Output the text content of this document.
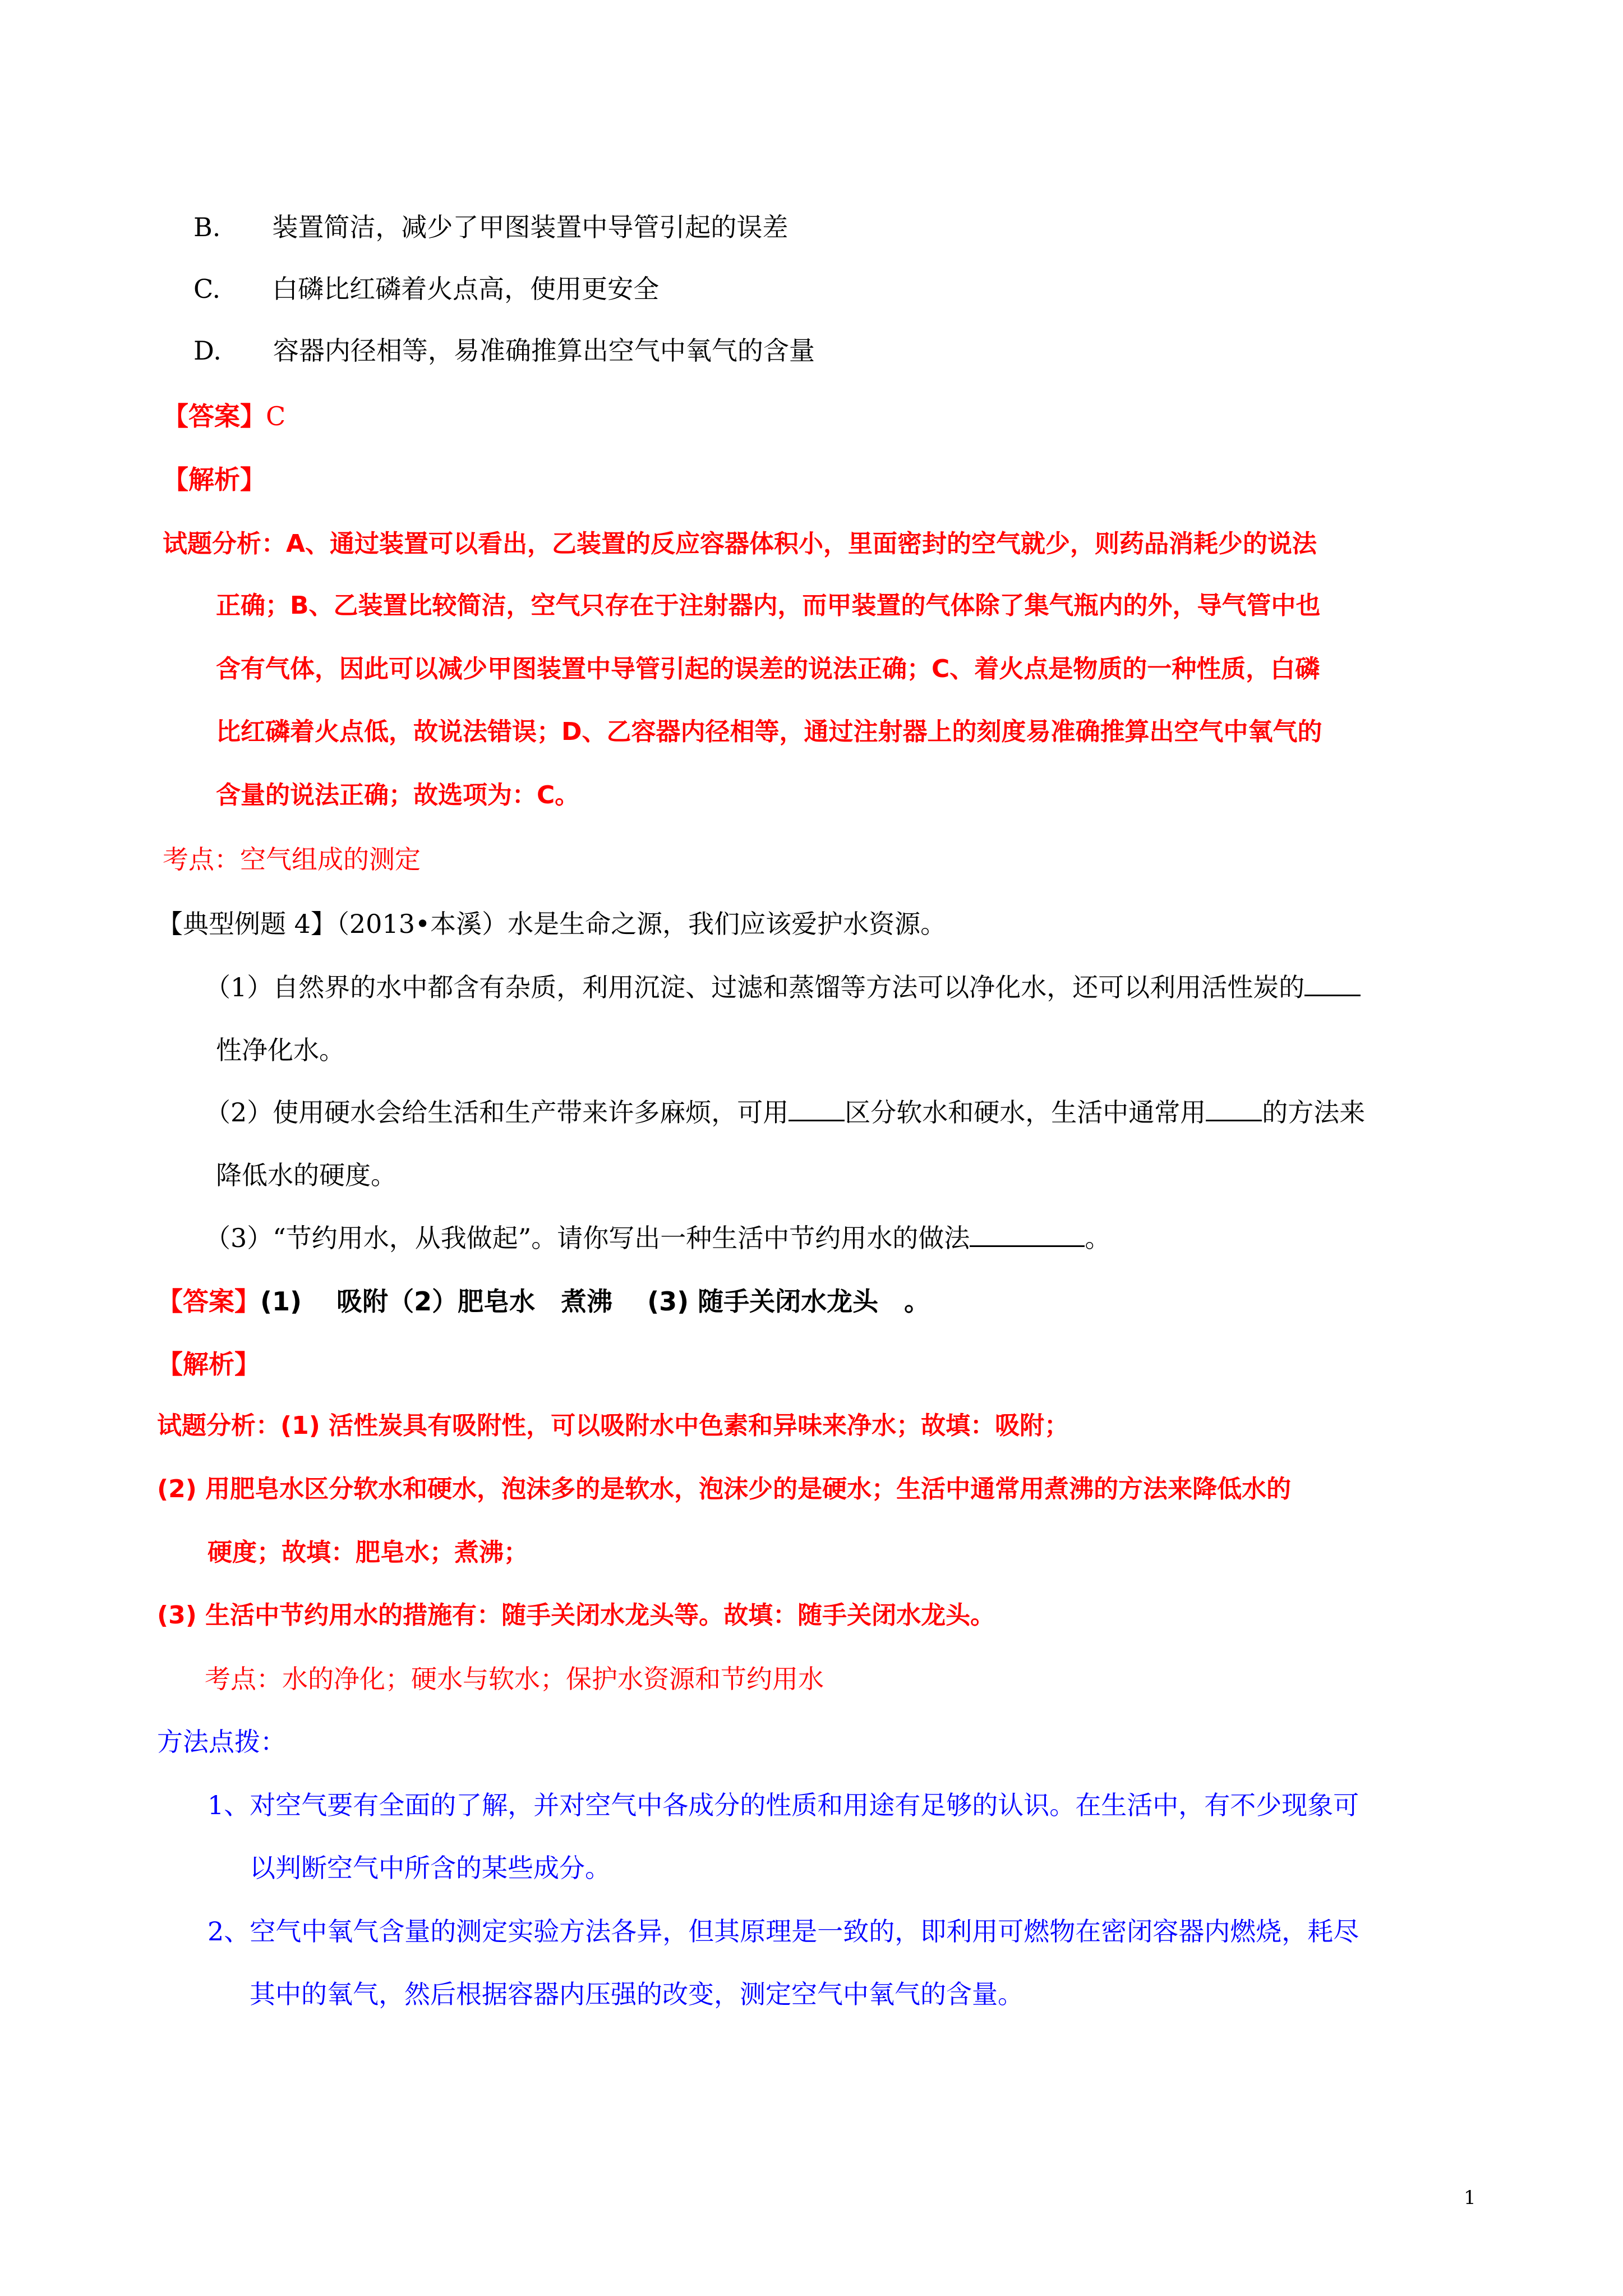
B.　　装置简洁，减少了甲图装置中导管引起的误差
C.　　白磷比红磷着火点高，使用更安全
D.　　容器内径相等，易准确推算出空气中氧气的含量
【答案】C
【解析】
试题分析：A、通过装置可以看出，乙装置的反应容器体积小，里面密封的空气就少，则药品消耗少的说法
正确；B、乙装置比较简洁，空气只存在于注射器内，而甲装置的气体除了集气瓶内的外，导气管中也
含有气体，因此可以减少甲图装置中导管引起的误差的说法正确；C、着火点是物质的一种性质，白磷
比红磷着火点低，故说法错误；D、乙容器内径相等，通过注射器上的刻度易准确推算出空气中氧气的
含量的说法正确；故选项为：C。
考点：空气组成的测定
【典型例题 4】（2013•本溪）水是生命之源，我们应该爱护水资源。
（1）自然界的水中都含有杂质，利用沉淀、过滤和蒸馏等方法可以净化水，还可以利用活性炭的
性净化水。
（2）使用硬水会给生活和生产带来许多麻烦，可用 区分软水和硬水，生活中通常用 的方法来
降低水的硬度。
（3）“节约用水，从我做起”。请你写出一种生活中节约用水的做法	。
【答案】(1)　 吸附（2）肥皂水　煮沸　 (3) 随手关闭水龙头　。
【解析】
试题分析：(1) 活性炭具有吸附性，可以吸附水中色素和异味来净水；故填：吸附；
(2) 用肥皂水区分软水和硬水，泡沫多的是软水，泡沫少的是硬水；生活中通常用煮沸的方法来降低水的
硬度；故填：肥皂水；煮沸；
(3) 生活中节约用水的措施有：随手关闭水龙头等。故填：随手关闭水龙头。
考点：水的净化；硬水与软水；保护水资源和节约用水
方法点拨：
1、对空气要有全面的了解，并对空气中各成分的性质和用途有足够的认识。在生活中，有不少现象可
以判断空气中所含的某些成分。
2、空气中氧气含量的测定实验方法各异，但其原理是一致的，即利用可燃物在密闭容器内燃烧，耗尽
其中的氧气，然后根据容器内压强的改变，测定空气中氧气的含量。
1
